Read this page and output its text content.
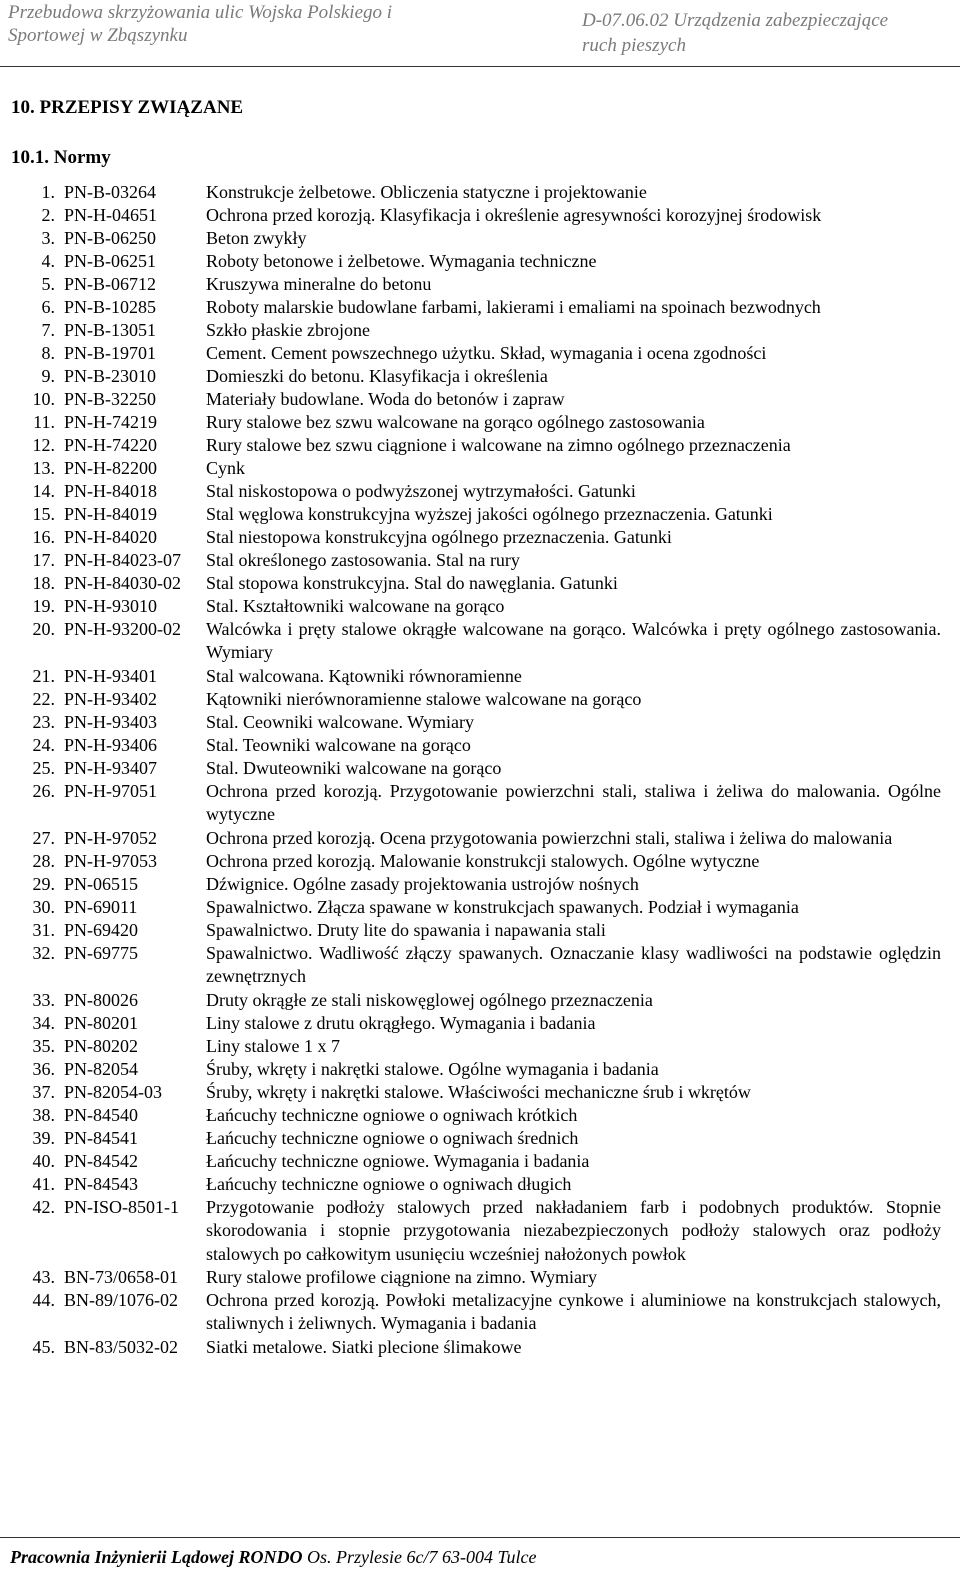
Przebudowa skrzyżowania ulic Wojska Polskiego i
Sportowej w Zbąszynku
D-07.06.02 Urządzenia zabezpieczające
ruch pieszych
10. PRZEPISY ZWIĄZANE
10.1. Normy
1. PN-B-03264	Konstrukcje żelbetowe. Obliczenia statyczne i projektowanie
2. PN-H-04651	Ochrona przed korozją. Klasyfikacja i określenie agresywności korozyjnej środowisk
3. PN-B-06250	Beton zwykły
4. PN-B-06251	Roboty betonowe i żelbetowe. Wymagania techniczne
5. PN-B-06712	Kruszywa mineralne do betonu
6. PN-B-10285	Roboty malarskie budowlane farbami, lakierami i emaliami na spoinach bezwodnych
7. PN-B-13051	Szkło płaskie zbrojone
8. PN-B-19701	Cement. Cement powszechnego użytku. Skład, wymagania i ocena zgodności
9. PN-B-23010	Domieszki do betonu. Klasyfikacja i określenia
10. PN-B-32250	Materiały budowlane. Woda do betonów i zapraw
11. PN-H-74219	Rury stalowe bez szwu walcowane na gorąco ogólnego zastosowania
12. PN-H-74220	Rury stalowe bez szwu ciągnione i walcowane na zimno ogólnego przeznaczenia
13. PN-H-82200	Cynk
14. PN-H-84018	Stal niskostopowa o podwyższonej wytrzymałości. Gatunki
15. PN-H-84019	Stal węglowa konstrukcyjna wyższej jakości ogólnego przeznaczenia. Gatunki
16. PN-H-84020	Stal niestopowa konstrukcyjna ogólnego przeznaczenia. Gatunki
17. PN-H-84023-07	Stal określonego zastosowania. Stal na rury
18. PN-H-84030-02	Stal stopowa konstrukcyjna. Stal do nawęglania. Gatunki
19. PN-H-93010	Stal. Kształtowniki walcowane na gorąco
20. PN-H-93200-02	Walcówka i pręty stalowe okrągłe walcowane na gorąco. Walcówka i pręty ogólnego zastosowania. Wymiary
21. PN-H-93401	Stal walcowana. Kątowniki równoramienne
22. PN-H-93402	Kątowniki nierównoramienne stalowe walcowane na gorąco
23. PN-H-93403	Stal. Ceowniki walcowane. Wymiary
24. PN-H-93406	Stal. Teowniki walcowane na gorąco
25. PN-H-93407	Stal. Dwuteowniki walcowane na gorąco
26. PN-H-97051	Ochrona przed korozją. Przygotowanie powierzchni stali, staliwa i żeliwa do malowania. Ogólne wytyczne
27. PN-H-97052	Ochrona przed korozją. Ocena przygotowania powierzchni stali, staliwa i żeliwa do malowania
28. PN-H-97053	Ochrona przed korozją. Malowanie konstrukcji stalowych. Ogólne wytyczne
29. PN-06515	Dźwignice. Ogólne zasady projektowania ustrojów nośnych
30. PN-69011	Spawalnictwo. Złącza spawane w konstrukcjach spawanych. Podział i wymagania
31. PN-69420	Spawalnictwo. Druty lite do spawania i napawania stali
32. PN-69775	Spawalnictwo. Wadliwość złączy spawanych. Oznaczanie klasy wadliwości na podstawie oględzin zewnętrznych
33. PN-80026	Druty okrągłe ze stali niskowęglowej ogólnego przeznaczenia
34. PN-80201	Liny stalowe z drutu okrągłego. Wymagania i badania
35. PN-80202	Liny stalowe 1 x 7
36. PN-82054	Śruby, wkręty i nakrętki stalowe. Ogólne wymagania i badania
37. PN-82054-03	Śruby, wkręty i nakrętki stalowe. Właściwości mechaniczne śrub i wkrętów
38. PN-84540	Łańcuchy techniczne ogniowe o ogniwach krótkich
39. PN-84541	Łańcuchy techniczne ogniowe o ogniwach średnich
40. PN-84542	Łańcuchy techniczne ogniowe. Wymagania i badania
41. PN-84543	Łańcuchy techniczne ogniowe o ogniwach długich
42. PN-ISO-8501-1	Przygotowanie podłoży stalowych przed nakładaniem farb i podobnych produktów. Stopnie skorodowania i stopnie przygotowania niezabezpieczonych podłoży stalowych oraz podłoży stalowych po całkowitym usunięciu wcześniej nałożonych powłok
43. BN-73/0658-01	Rury stalowe profilowe ciągnione na zimno. Wymiary
44. BN-89/1076-02	Ochrona przed korozją. Powłoki metalizacyjne cynkowe i aluminiowe na konstrukcjach stalowych, staliwnych i żeliwnych. Wymagania i badania
45. BN-83/5032-02	Siatki metalowe. Siatki plecione ślimakowe
Pracownia Inżynierii Lądowej RONDO Os. Przylesie 6c/7 63-004 Tulce
